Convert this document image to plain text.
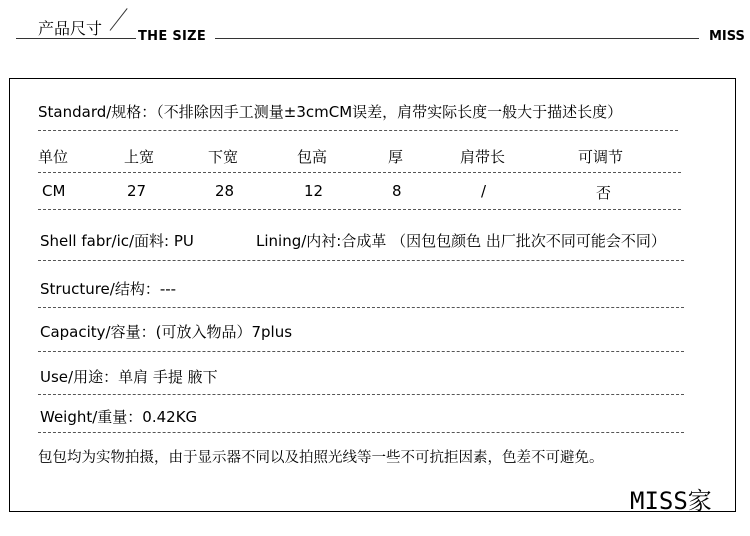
产品尺寸	THE SIZE	MISS
Standard/规格：（不排除因手工测量±3cmCM误差，肩带实际长度一般大于描述长度）
单位	上宽	下宽	包高	厚	肩带长	可调节
CM	27	28	12	8	/	否
Shell fabr/ic/面料: PU	Lining/内衬:合成革 （因包包颜色 出厂批次不同可能会不同）
Structure/结构：---
Capacity/容量：(可放入物品）7plus
Use/用途：单肩 手提 腋下
Weight/重量：0.42KG
包包均为实物拍摄，由于显示器不同以及拍照光线等一些不可抗拒因素，色差不可避免。
MISS家
